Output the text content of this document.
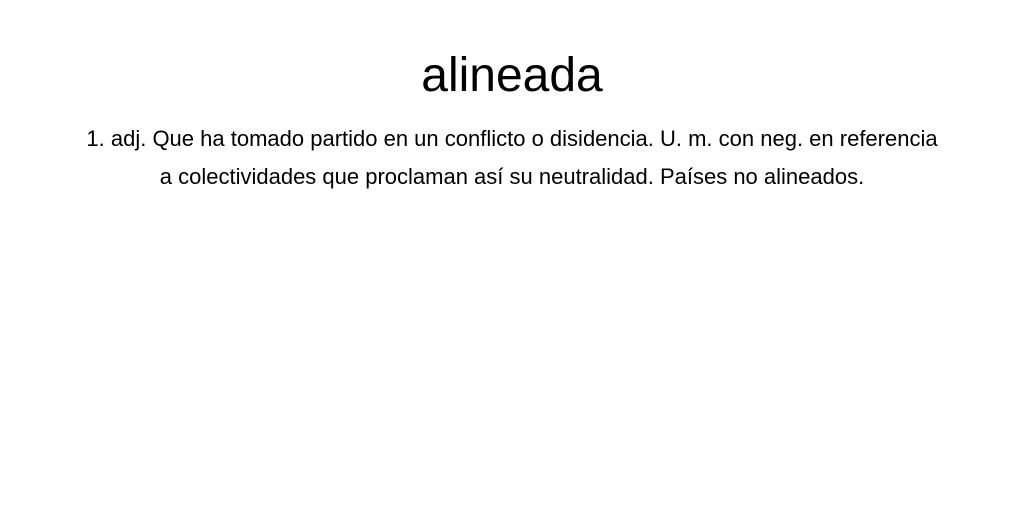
alineada

1. adj. Que ha tomado partido en un conflicto o disidencia. U. m. con neg. en referencia a colectividades que proclaman así su neutralidad. Países no alineados.
